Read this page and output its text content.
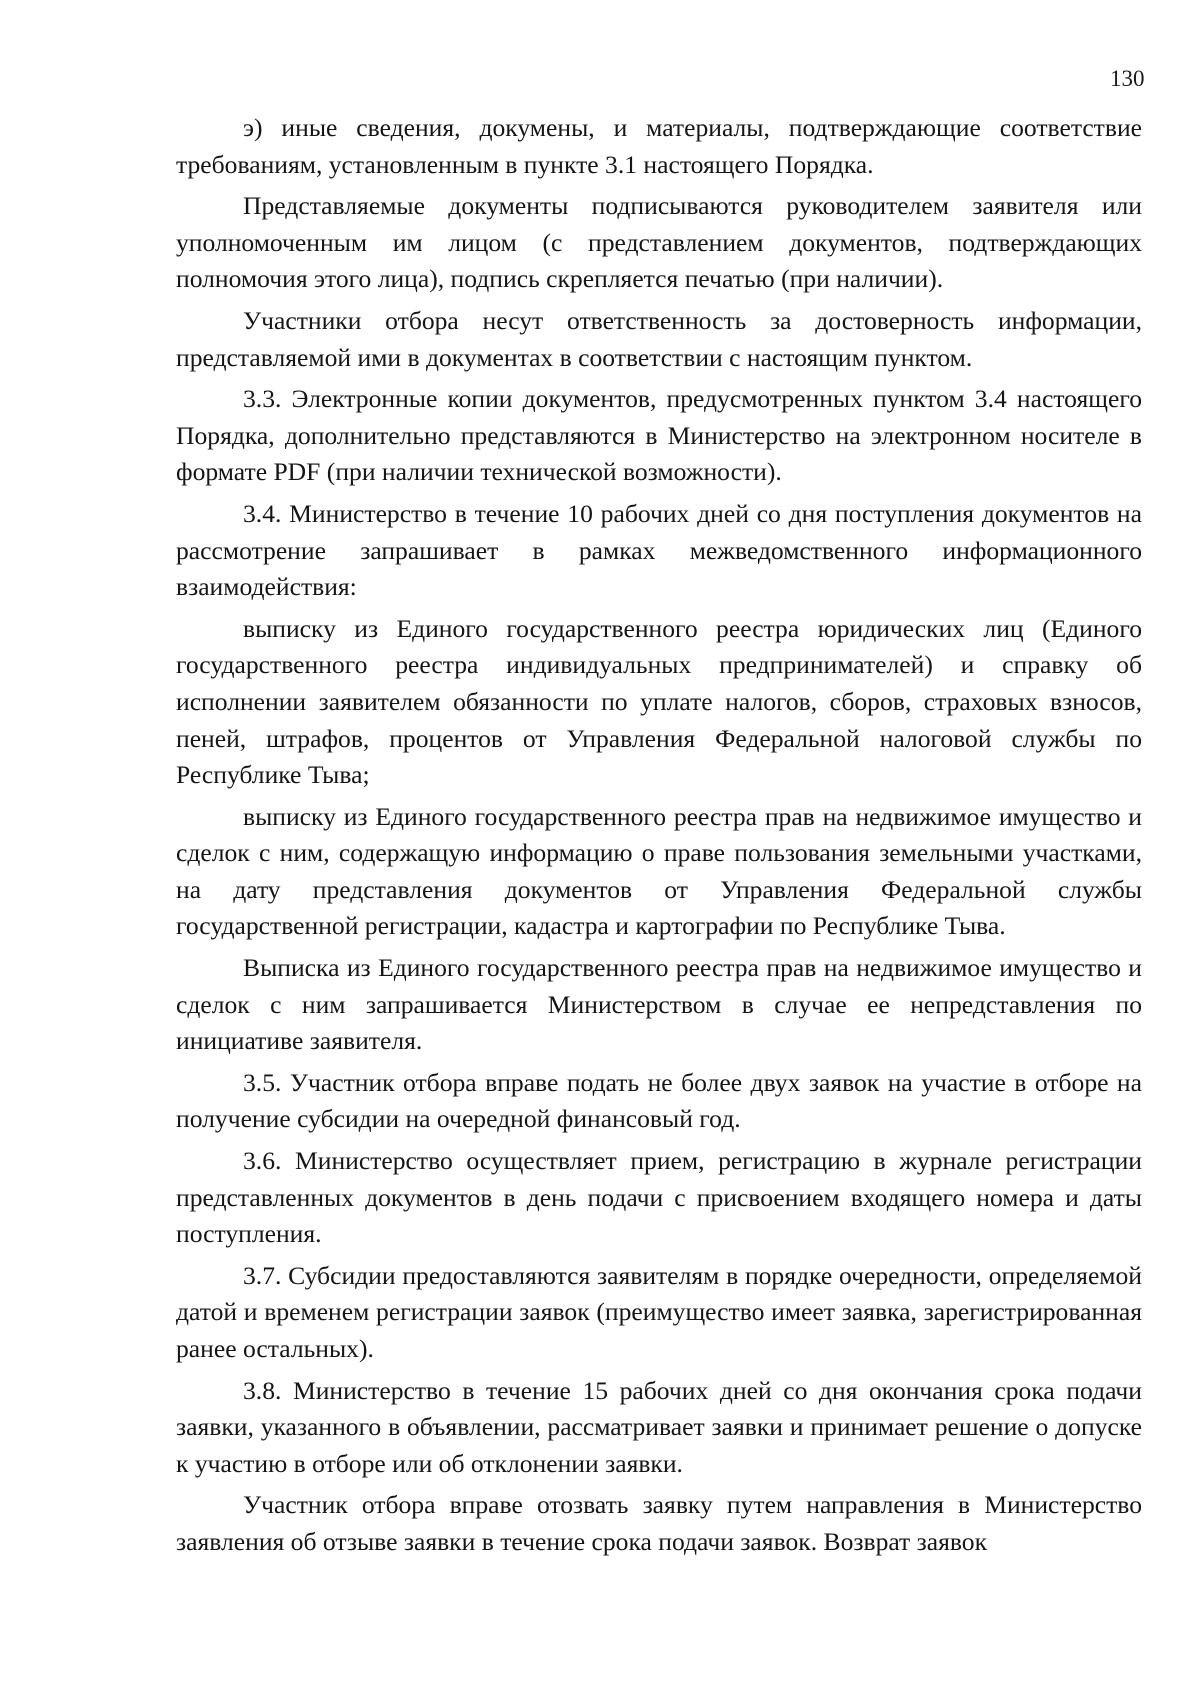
130

э) иные сведения, докумены, и материалы, подтверждающие соответствие требованиям, установленным в пункте 3.1 настоящего Порядка.

Представляемые документы подписываются руководителем заявителя или уполномоченным им лицом (с представлением документов, подтверждающих полномочия этого лица), подпись скрепляется печатью (при наличии).

Участники отбора несут ответственность за достоверность информации, представляемой ими в документах в соответствии с настоящим пунктом.

3.3. Электронные копии документов, предусмотренных пунктом 3.4 настоящего Порядка, дополнительно представляются в Министерство на электронном носителе в формате PDF (при наличии технической возможности).

3.4. Министерство в течение 10 рабочих дней со дня поступления документов на рассмотрение запрашивает в рамках межведомственного информационного взаимодействия:

выписку из Единого государственного реестра юридических лиц (Единого государственного реестра индивидуальных предпринимателей) и справку об исполнении заявителем обязанности по уплате налогов, сборов, страховых взносов, пеней, штрафов, процентов от Управления Федеральной налоговой службы по Республике Тыва;

выписку из Единого государственного реестра прав на недвижимое имущество и сделок с ним, содержащую информацию о праве пользования земельными участками, на дату представления документов от Управления Федеральной службы государственной регистрации, кадастра и картографии по Республике Тыва.

Выписка из Единого государственного реестра прав на недвижимое имущество и сделок с ним запрашивается Министерством в случае ее непредставления по инициативе заявителя.

3.5. Участник отбора вправе подать не более двух заявок на участие в отборе на получение субсидии на очередной финансовый год.

3.6. Министерство осуществляет прием, регистрацию в журнале регистрации представленных документов в день подачи с присвоением входящего номера и даты поступления.

3.7. Субсидии предоставляются заявителям в порядке очередности, определяемой датой и временем регистрации заявок (преимущество имеет заявка, зарегистрированная ранее остальных).

3.8. Министерство в течение 15 рабочих дней со дня окончания срока подачи заявки, указанного в объявлении, рассматривает заявки и принимает решение о допуске к участию в отборе или об отклонении заявки.

Участник отбора вправе отозвать заявку путем направления в Министерство заявления об отзыве заявки в течение срока подачи заявок. Возврат заявок
